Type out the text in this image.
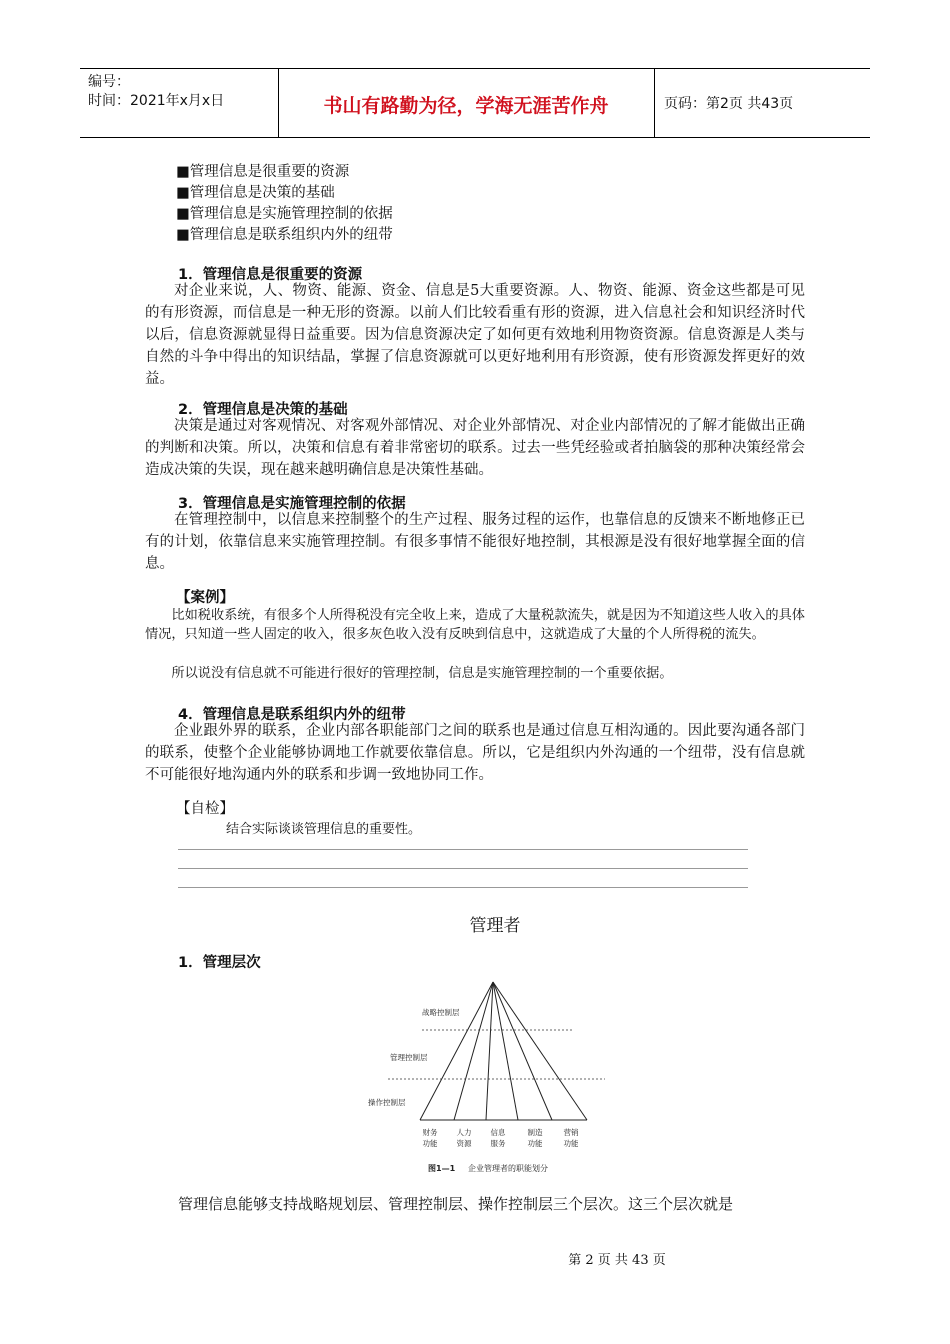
编号：
时间：2021年x月x日	书山有路勤为径，学海无涯苦作舟	页码：第2页 共43页
■管理信息是很重要的资源
■管理信息是决策的基础
■管理信息是实施管理控制的依据
■管理信息是联系组织内外的纽带
1．管理信息是很重要的资源
对企业来说，人、物资、能源、资金、信息是5大重要资源。人、物资、能源、资金这些都是可见的有形资源，而信息是一种无形的资源。以前人们比较看重有形的资源，进入信息社会和知识经济时代以后，信息资源就显得日益重要。因为信息资源决定了如何更有效地利用物资资源。信息资源是人类与自然的斗争中得出的知识结晶，掌握了信息资源就可以更好地利用有形资源，使有形资源发挥更好的效益。
2．管理信息是决策的基础
决策是通过对客观情况、对客观外部情况、对企业外部情况、对企业内部情况的了解才能做出正确的判断和决策。所以，决策和信息有着非常密切的联系。过去一些凭经验或者拍脑袋的那种决策经常会造成决策的失误，现在越来越明确信息是决策性基础。
3．管理信息是实施管理控制的依据
在管理控制中，以信息来控制整个的生产过程、服务过程的运作，也靠信息的反馈来不断地修正已有的计划，依靠信息来实施管理控制。有很多事情不能很好地控制，其根源是没有很好地掌握全面的信息。
【案例】
比如税收系统，有很多个人所得税没有完全收上来，造成了大量税款流失，就是因为不知道这些人收入的具体情况，只知道一些人固定的收入，很多灰色收入没有反映到信息中，这就造成了大量的个人所得税的流失。
所以说没有信息就不可能进行很好的管理控制，信息是实施管理控制的一个重要依据。
4．管理信息是联系组织内外的纽带
企业跟外界的联系，企业内部各职能部门之间的联系也是通过信息互相沟通的。因此要沟通各部门的联系，使整个企业能够协调地工作就要依靠信息。所以，它是组织内外沟通的一个纽带，没有信息就不可能很好地沟通内外的联系和步调一致地协同工作。
【自检】
结合实际谈谈管理信息的重要性。
管理者
1．管理层次
战略控制层
管理控制层
操作控制层
财务
功能
人力
资源
信息
服务
制造
功能
营销
功能
图1—1 企业管理者的职能划分
管理信息能够支持战略规划层、管理控制层、操作控制层三个层次。这三个层次就是
第 2 页 共 43 页
